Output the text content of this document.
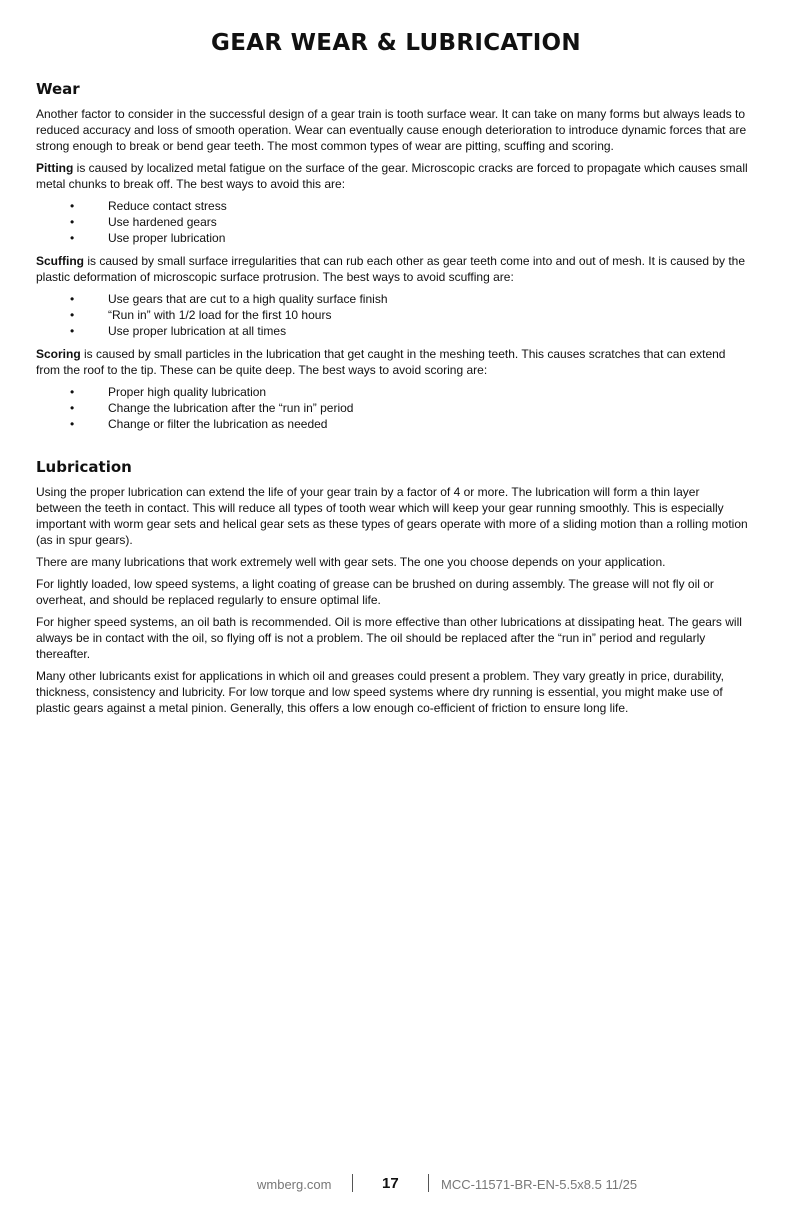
GEAR WEAR & LUBRICATION
Wear

Another factor to consider in the successful design of a gear train is tooth surface wear. It can take on many forms but always leads to reduced accuracy and loss of smooth operation. Wear can eventually cause enough deterioration to introduce dynamic forces that are strong enough to break or bend gear teeth. The most common types of wear are pitting, scuffing and scoring.

Pitting is caused by localized metal fatigue on the surface of the gear. Microscopic cracks are forced to propagate which causes small metal chunks to break off. The best ways to avoid this are:

•	Reduce contact stress
•	Use hardened gears
•	Use proper lubrication

Scuffing is caused by small surface irregularities that can rub each other as gear teeth come into and out of mesh. It is caused by the plastic deformation of microscopic surface protrusion. The best ways to avoid scuffing are:

•	Use gears that are cut to a high quality surface finish
•	“Run in” with 1/2 load for the first 10 hours
•	Use proper lubrication at all times

Scoring is caused by small particles in the lubrication that get caught in the meshing teeth. This causes scratches that can extend from the roof to the tip. These can be quite deep. The best ways to avoid scoring are:

•	Proper high quality lubrication
•	Change the lubrication after the “run in” period
•	Change or filter the lubrication as needed
Lubrication

Using the proper lubrication can extend the life of your gear train by a factor of 4 or more. The lubrication will form a thin layer between the teeth in contact. This will reduce all types of tooth wear which will keep your gear running smoothly. This is especially important with worm gear sets and helical gear sets as these types of gears operate with more of a sliding motion than a rolling motion (as in spur gears).

There are many lubrications that work extremely well with gear sets. The one you choose depends on your application.

For lightly loaded, low speed systems, a light coating of grease can be brushed on during assembly. The grease will not fly oil or overheat, and should be replaced regularly to ensure optimal life.

For higher speed systems, an oil bath is recommended. Oil is more effective than other lubrications at dissipating heat. The gears will always be in contact with the oil, so flying off is not a problem. The oil should be replaced after the “run in” period and regularly thereafter.

Many other lubricants exist for applications in which oil and greases could present a problem. They vary greatly in price, durability, thickness, consistency and lubricity. For low torque and low speed systems where dry running is essential, you might make use of plastic gears against a metal pinion. Generally, this offers a low enough co-efficient of friction to ensure long life.

wmberg.com	17	MCC-11571-BR-EN-5.5x8.5 11/25
